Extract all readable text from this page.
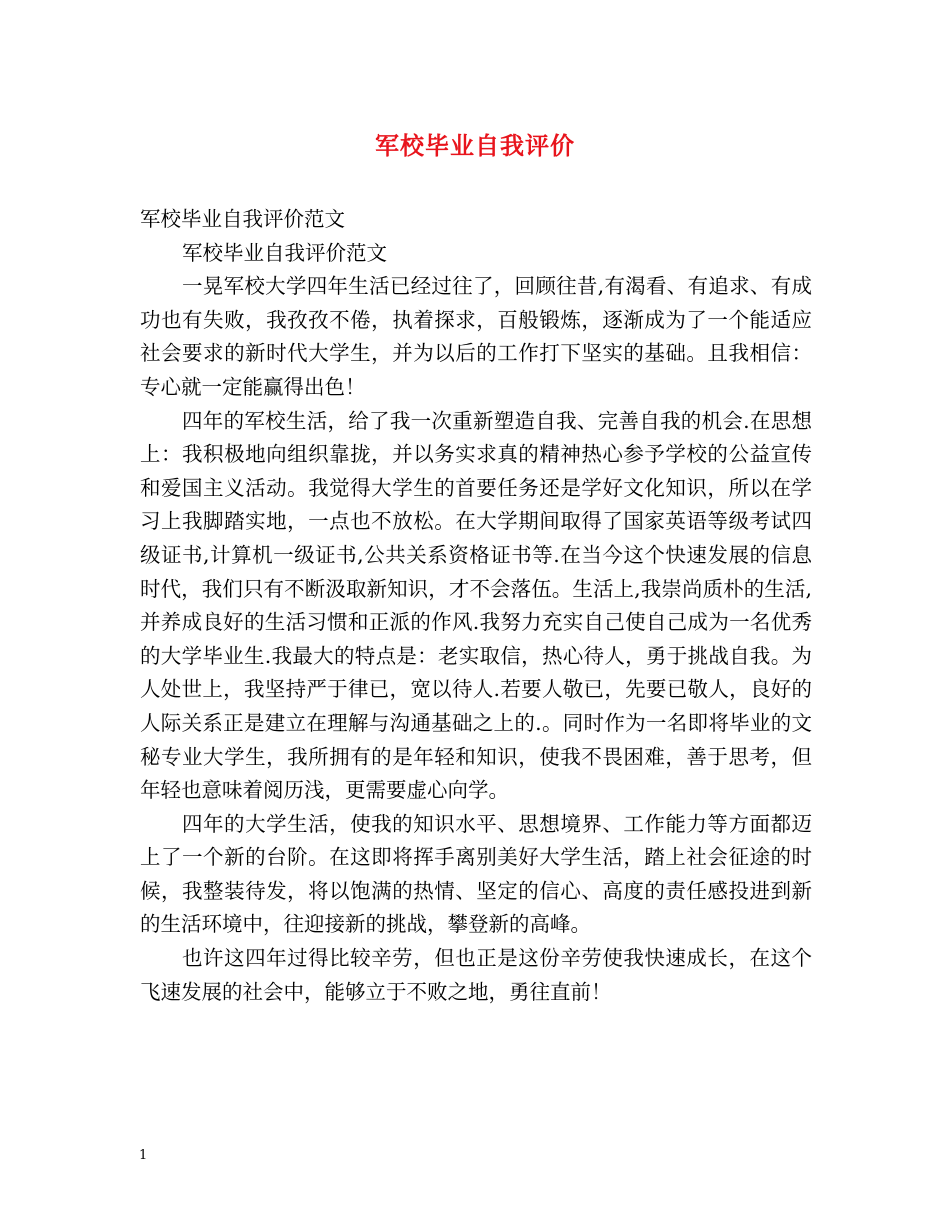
军校毕业自我评价

军校毕业自我评价范文

军校毕业自我评价范文

一晃军校大学四年生活已经过往了，回顾往昔,有渴看、有追求、有成功也有失败，我孜孜不倦，执着探求，百般锻炼，逐渐成为了一个能适应社会要求的新时代大学生，并为以后的工作打下坚实的基础。且我相信：专心就一定能赢得出色！

四年的军校生活，给了我一次重新塑造自我、完善自我的机会.在思想上：我积极地向组织靠拢，并以务实求真的精神热心参予学校的公益宣传和爱国主义活动。我觉得大学生的首要任务还是学好文化知识，所以在学习上我脚踏实地，一点也不放松。在大学期间取得了国家英语等级考试四级证书,计算机一级证书,公共关系资格证书等.在当今这个快速发展的信息时代，我们只有不断汲取新知识，才不会落伍。生活上,我崇尚质朴的生活,并养成良好的生活习惯和正派的作风.我努力充实自己使自己成为一名优秀的大学毕业生.我最大的特点是：老实取信，热心待人，勇于挑战自我。为人处世上，我坚持严于律已，宽以待人.若要人敬已，先要已敬人，良好的人际关系正是建立在理解与沟通基础之上的.。同时作为一名即将毕业的文秘专业大学生，我所拥有的是年轻和知识，使我不畏困难，善于思考，但年轻也意味着阅历浅，更需要虚心向学。

四年的大学生活，使我的知识水平、思想境界、工作能力等方面都迈上了一个新的台阶。在这即将挥手离别美好大学生活，踏上社会征途的时候，我整装待发，将以饱满的热情、坚定的信心、高度的责任感投进到新的生活环境中，往迎接新的挑战，攀登新的高峰。

也许这四年过得比较辛劳，但也正是这份辛劳使我快速成长，在这个飞速发展的社会中，能够立于不败之地，勇往直前！

1
